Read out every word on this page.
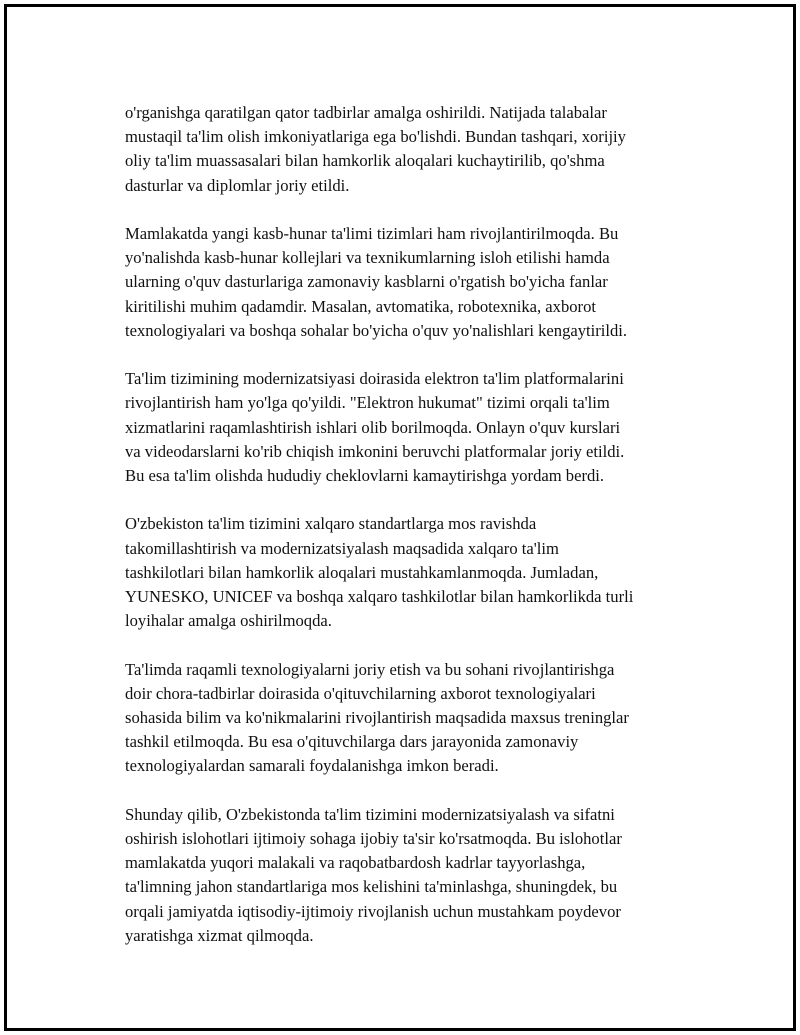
o'rganishga qaratilgan qator tadbirlar amalga oshirildi. Natijada talabalar
mustaqil ta'lim olish imkoniyatlariga ega bo'lishdi. Bundan tashqari, xorijiy
oliy ta'lim muassasalari bilan hamkorlik aloqalari kuchaytirilib, qo'shma
dasturlar va diplomlar joriy etildi.

Mamlakatda yangi kasb-hunar ta'limi tizimlari ham rivojlantirilmoqda. Bu
yo'nalishda kasb-hunar kollejlari va texnikumlarning isloh etilishi hamda
ularning o'quv dasturlariga zamonaviy kasblarni o'rgatish bo'yicha fanlar
kiritilishi muhim qadamdir. Masalan, avtomatika, robotexnika, axborot
texnologiyalari va boshqa sohalar bo'yicha o'quv yo'nalishlari kengaytirildi.

Ta'lim tizimining modernizatsiyasi doirasida elektron ta'lim platformalarini
rivojlantirish ham yo'lga qo'yildi. "Elektron hukumat" tizimi orqali ta'lim
xizmatlarini raqamlashtirish ishlari olib borilmoqda. Onlayn o'quv kurslari
va videodarslarni ko'rib chiqish imkonini beruvchi platformalar joriy etildi.
Bu esa ta'lim olishda hududiy cheklovlarni kamaytirishga yordam berdi.

O'zbekiston ta'lim tizimini xalqaro standartlarga mos ravishda
takomillashtirish va modernizatsiyalash maqsadida xalqaro ta'lim
tashkilotlari bilan hamkorlik aloqalari mustahkamlanmoqda. Jumladan,
YUNESKO, UNICEF va boshqa xalqaro tashkilotlar bilan hamkorlikda turli
loyihalar amalga oshirilmoqda.

Ta'limda raqamli texnologiyalarni joriy etish va bu sohani rivojlantirishga
doir chora-tadbirlar doirasida o'qituvchilarning axborot texnologiyalari
sohasida bilim va ko'nikmalarini rivojlantirish maqsadida maxsus treninglar
tashkil etilmoqda. Bu esa o'qituvchilarga dars jarayonida zamonaviy
texnologiyalardan samarali foydalanishga imkon beradi.

Shunday qilib, O'zbekistonda ta'lim tizimini modernizatsiyalash va sifatni
oshirish islohotlari ijtimoiy sohaga ijobiy ta'sir ko'rsatmoqda. Bu islohotlar
mamlakatda yuqori malakali va raqobatbardosh kadrlar tayyorlashga,
ta'limning jahon standartlariga mos kelishini ta'minlashga, shuningdek, bu
orqali jamiyatda iqtisodiy-ijtimoiy rivojlanish uchun mustahkam poydevor
yaratishga xizmat qilmoqda.
